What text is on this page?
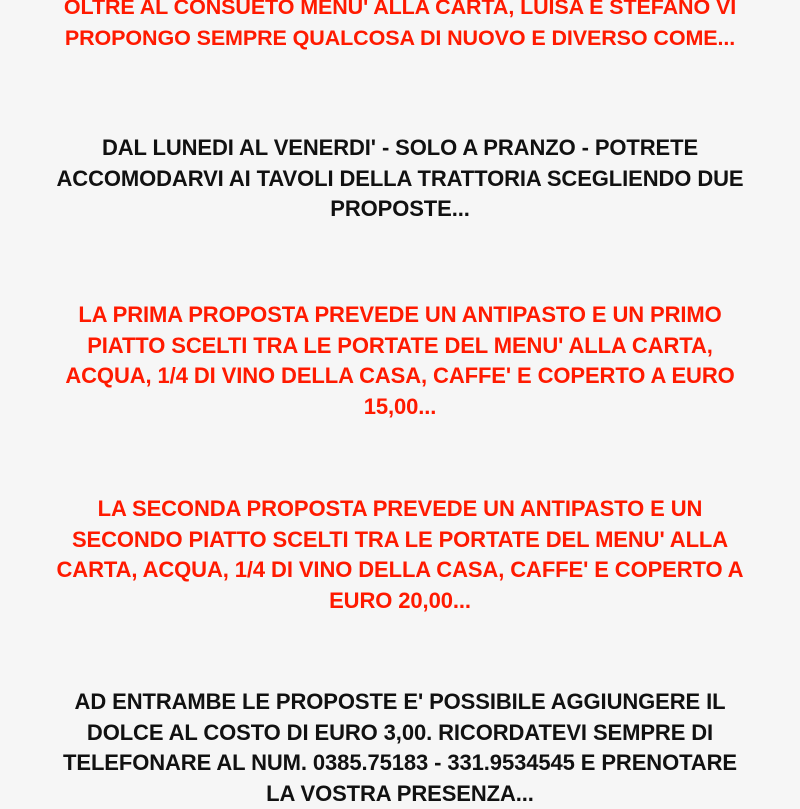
OLTRE AL CONSUETO MENU' ALLA CARTA, LUISA E STEFANO VI
PROPONGO SEMPRE QUALCOSA DI NUOVO E DIVERSO COME...

DAL LUNEDI AL VENERDI' - SOLO A PRANZO - POTRETE
ACCOMODARVI AI TAVOLI DELLA TRATTORIA SCEGLIENDO DUE
PROPOSTE...

LA PRIMA PROPOSTA PREVEDE UN ANTIPASTO E UN PRIMO
PIATTO SCELTI TRA LE PORTATE DEL MENU' ALLA CARTA,
ACQUA, 1/4 DI VINO DELLA CASA, CAFFE' E COPERTO A EURO
15,00...

LA SECONDA PROPOSTA PREVEDE UN ANTIPASTO E UN
SECONDO PIATTO SCELTI TRA LE PORTATE DEL MENU' ALLA
CARTA, ACQUA, 1/4 DI VINO DELLA CASA, CAFFE' E COPERTO A
EURO 20,00...

AD ENTRAMBE LE PROPOSTE E' POSSIBILE AGGIUNGERE IL
DOLCE AL COSTO DI EURO 3,00. RICORDATEVI SEMPRE DI
TELEFONARE AL NUM. 0385.75183 - 331.9534545 E PRENOTARE
LA VOSTRA PRESENZA...
